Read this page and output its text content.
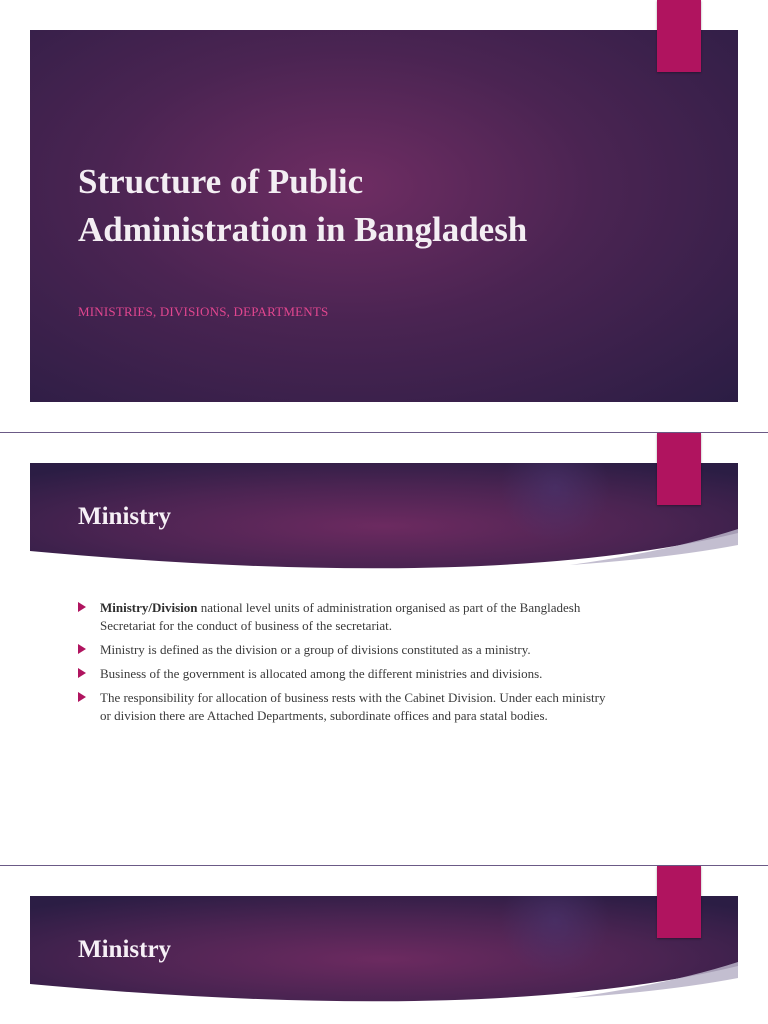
Structure of Public
Administration in Bangladesh
MINISTRIES, DIVISIONS, DEPARTMENTS
Ministry
Ministry/Division national level units of administration organised as part of the Bangladesh Secretariat for the conduct of business of the secretariat.
Ministry is defined as the division or a group of divisions constituted as a ministry.
Business of the government is allocated among the different ministries and divisions.
The responsibility for allocation of business rests with the Cabinet Division. Under each ministry or division there are Attached Departments, subordinate offices and para statal bodies.
Ministry
